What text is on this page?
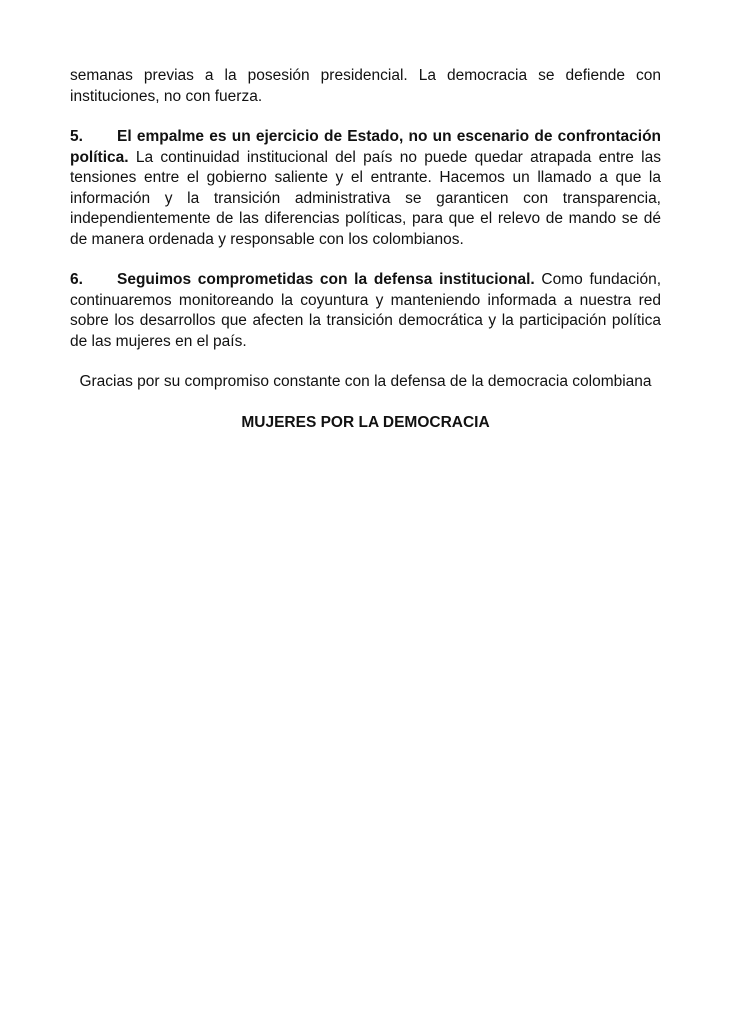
semanas previas a la posesión presidencial. La democracia se defiende con instituciones, no con fuerza.

5. El empalme es un ejercicio de Estado, no un escenario de confrontación política. La continuidad institucional del país no puede quedar atrapada entre las tensiones entre el gobierno saliente y el entrante. Hacemos un llamado a que la información y la transición administrativa se garanticen con transparencia, independientemente de las diferencias políticas, para que el relevo de mando se dé de manera ordenada y responsable con los colombianos.

6. Seguimos comprometidas con la defensa institucional. Como fundación, continuaremos monitoreando la coyuntura y manteniendo informada a nuestra red sobre los desarrollos que afecten la transición democrática y la participación política de las mujeres en el país.

Gracias por su compromiso constante con la defensa de la democracia colombiana

MUJERES POR LA DEMOCRACIA
